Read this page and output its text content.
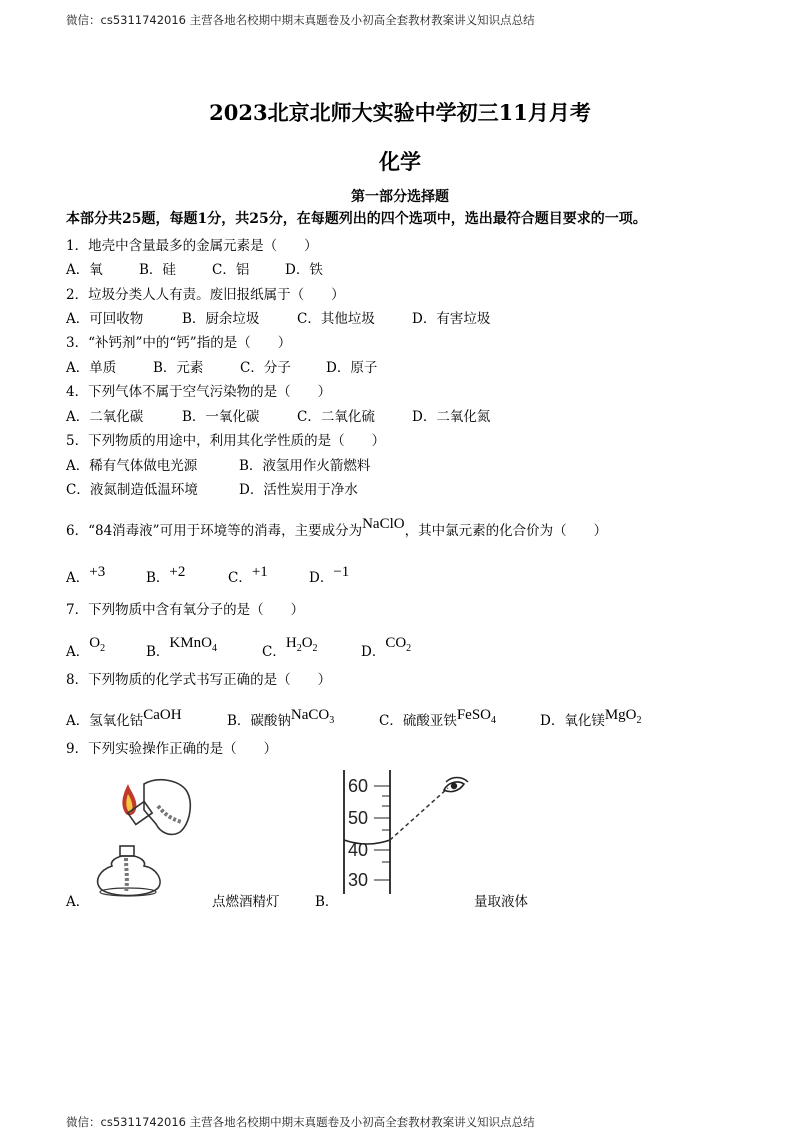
微信：cs5311742016 主营各地名校期中期末真题卷及小初高全套教材教案讲义知识点总结
2023北京北师大实验中学初三11月月考
化学
第一部分选择题
本部分共25题，每题1分，共25分，在每题列出的四个选项中，选出最符合题目要求的一项。
1．地壳中含量最多的金属元素是（　　）
A．氧	B．硅	C．铝	D．铁
2．垃圾分类人人有责。废旧报纸属于（　　）
A．可回收物	B．厨余垃圾	C．其他垃圾	D．有害垃圾
3．“补钙剂”中的“钙”指的是（　　）
A．单质	B．元素	C．分子	D．原子
4．下列气体不属于空气污染物的是（　　）
A．二氧化碳	B．一氧化碳	C．二氧化硫	D．二氧化氮
5．下列物质的用途中，利用其化学性质的是（　　）
A．稀有气体做电光源	B．液氢用作火箭燃料
C．液氮制造低温环境	D．活性炭用于净水
6．“84消毒液”可用于环境等的消毒，主要成分为NaClO，其中氯元素的化合价为（　　）
A．+3	B．+2	C．+1	D．−1
7．下列物质中含有氧分子的是（　　）
A．$O_2$	B．KMnO$_4$	C．$H_2O_2$	D．$CO_2$
8．下列物质的化学式书写正确的是（　　）
A．氢氧化钴CaOH	B．碳酸钠NaCO$_3$	C．硫酸亚铁FeSO$_4$	D．氧化镁MgO$_2$
9．下列实验操作正确的是（　　）
A．	点燃酒精灯
60
50
40
30
B．	量取液体
微信：cs5311742016 主营各地名校期中期末真题卷及小初高全套教材教案讲义知识点总结
